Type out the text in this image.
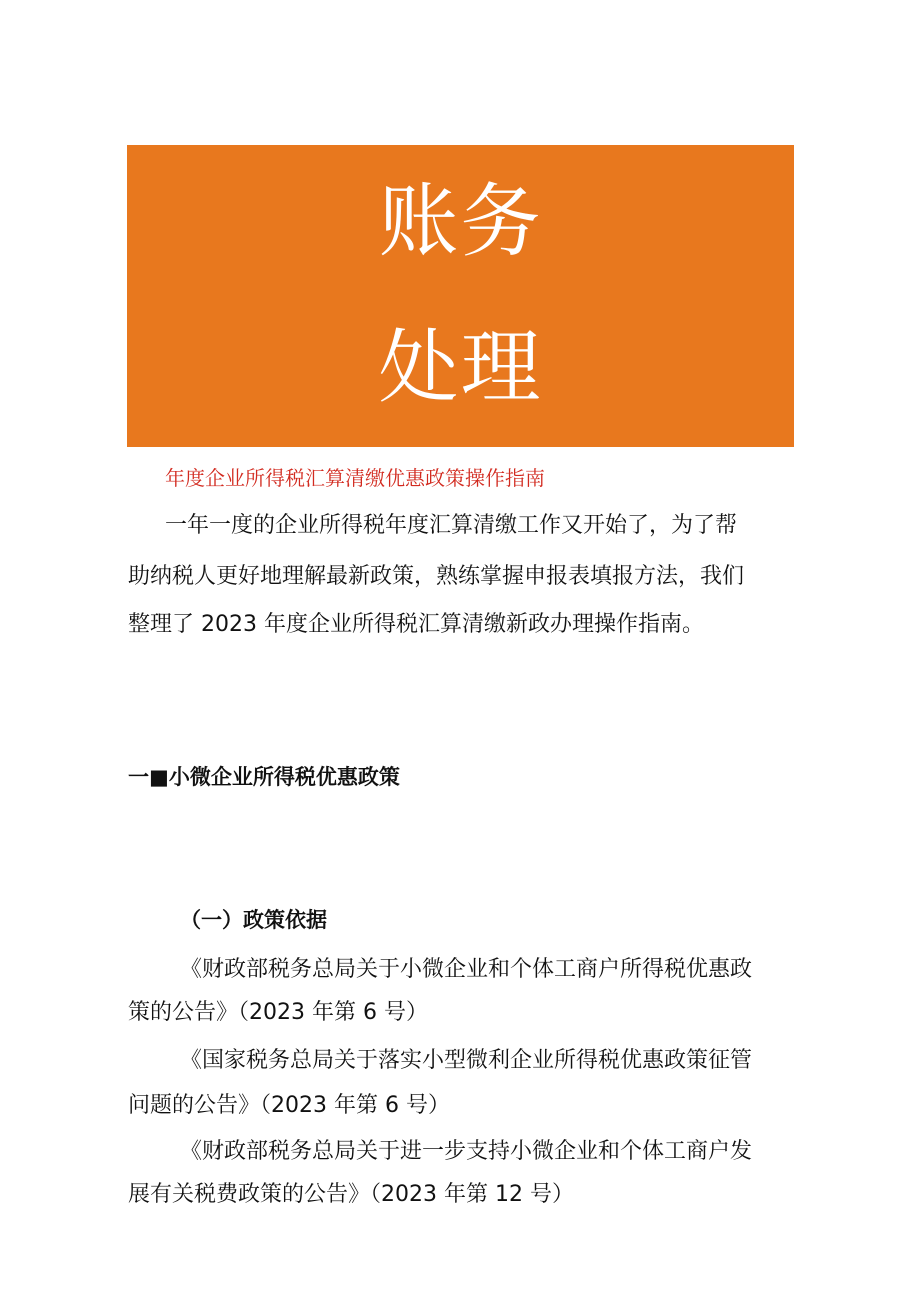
账务
处理
年度企业所得税汇算清缴优惠政策操作指南
一年一度的企业所得税年度汇算清缴工作又开始了，为了帮
助纳税人更好地理解最新政策，熟练掌握申报表填报方法，我们
整理了 2023 年度企业所得税汇算清缴新政办理操作指南。
一■小微企业所得税优惠政策
（一）政策依据
《财政部税务总局关于小微企业和个体工商户所得税优惠政
策的公告》（2023 年第 6 号）
《国家税务总局关于落实小型微利企业所得税优惠政策征管
问题的公告》（2023 年第 6 号）
《财政部税务总局关于进一步支持小微企业和个体工商户发
展有关税费政策的公告》（2023 年第 12 号）
